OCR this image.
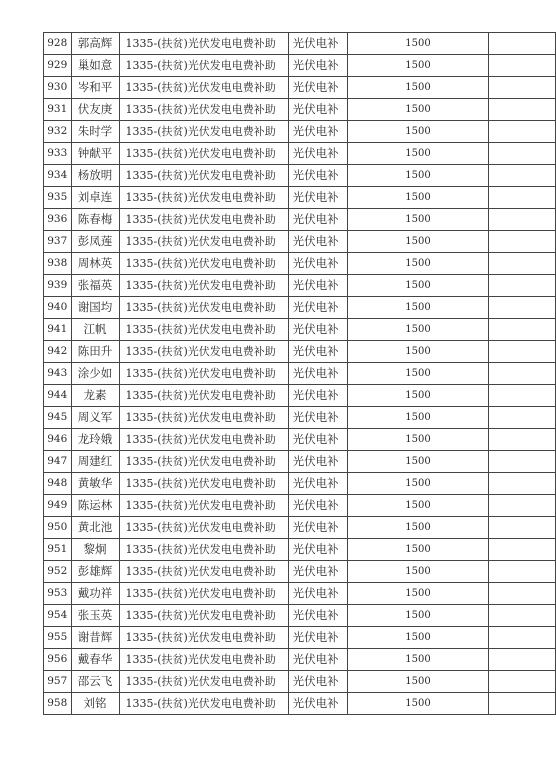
928	郭高辉	1335-(扶贫)光伏发电电费补助	光伏电补	1500	
929	巢如意	1335-(扶贫)光伏发电电费补助	光伏电补	1500	
930	岑和平	1335-(扶贫)光伏发电电费补助	光伏电补	1500	
931	伏友庚	1335-(扶贫)光伏发电电费补助	光伏电补	1500	
932	朱时学	1335-(扶贫)光伏发电电费补助	光伏电补	1500	
933	钟献平	1335-(扶贫)光伏发电电费补助	光伏电补	1500	
934	杨放明	1335-(扶贫)光伏发电电费补助	光伏电补	1500	
935	刘卓连	1335-(扶贫)光伏发电电费补助	光伏电补	1500	
936	陈春梅	1335-(扶贫)光伏发电电费补助	光伏电补	1500	
937	彭凤莲	1335-(扶贫)光伏发电电费补助	光伏电补	1500	
938	周林英	1335-(扶贫)光伏发电电费补助	光伏电补	1500	
939	张福英	1335-(扶贫)光伏发电电费补助	光伏电补	1500	
940	谢国均	1335-(扶贫)光伏发电电费补助	光伏电补	1500	
941	江帆	1335-(扶贫)光伏发电电费补助	光伏电补	1500	
942	陈田升	1335-(扶贫)光伏发电电费补助	光伏电补	1500	
943	涂少如	1335-(扶贫)光伏发电电费补助	光伏电补	1500	
944	龙素	1335-(扶贫)光伏发电电费补助	光伏电补	1500	
945	周义军	1335-(扶贫)光伏发电电费补助	光伏电补	1500	
946	龙玲娥	1335-(扶贫)光伏发电电费补助	光伏电补	1500	
947	周建红	1335-(扶贫)光伏发电电费补助	光伏电补	1500	
948	黄敏华	1335-(扶贫)光伏发电电费补助	光伏电补	1500	
949	陈运林	1335-(扶贫)光伏发电电费补助	光伏电补	1500	
950	黄北池	1335-(扶贫)光伏发电电费补助	光伏电补	1500	
951	黎炯	1335-(扶贫)光伏发电电费补助	光伏电补	1500	
952	彭雄辉	1335-(扶贫)光伏发电电费补助	光伏电补	1500	
953	戴功祥	1335-(扶贫)光伏发电电费补助	光伏电补	1500	
954	张玉英	1335-(扶贫)光伏发电电费补助	光伏电补	1500	
955	谢昔辉	1335-(扶贫)光伏发电电费补助	光伏电补	1500	
956	戴春华	1335-(扶贫)光伏发电电费补助	光伏电补	1500	
957	邵云飞	1335-(扶贫)光伏发电电费补助	光伏电补	1500	
958	刘铭	1335-(扶贫)光伏发电电费补助	光伏电补	1500	
